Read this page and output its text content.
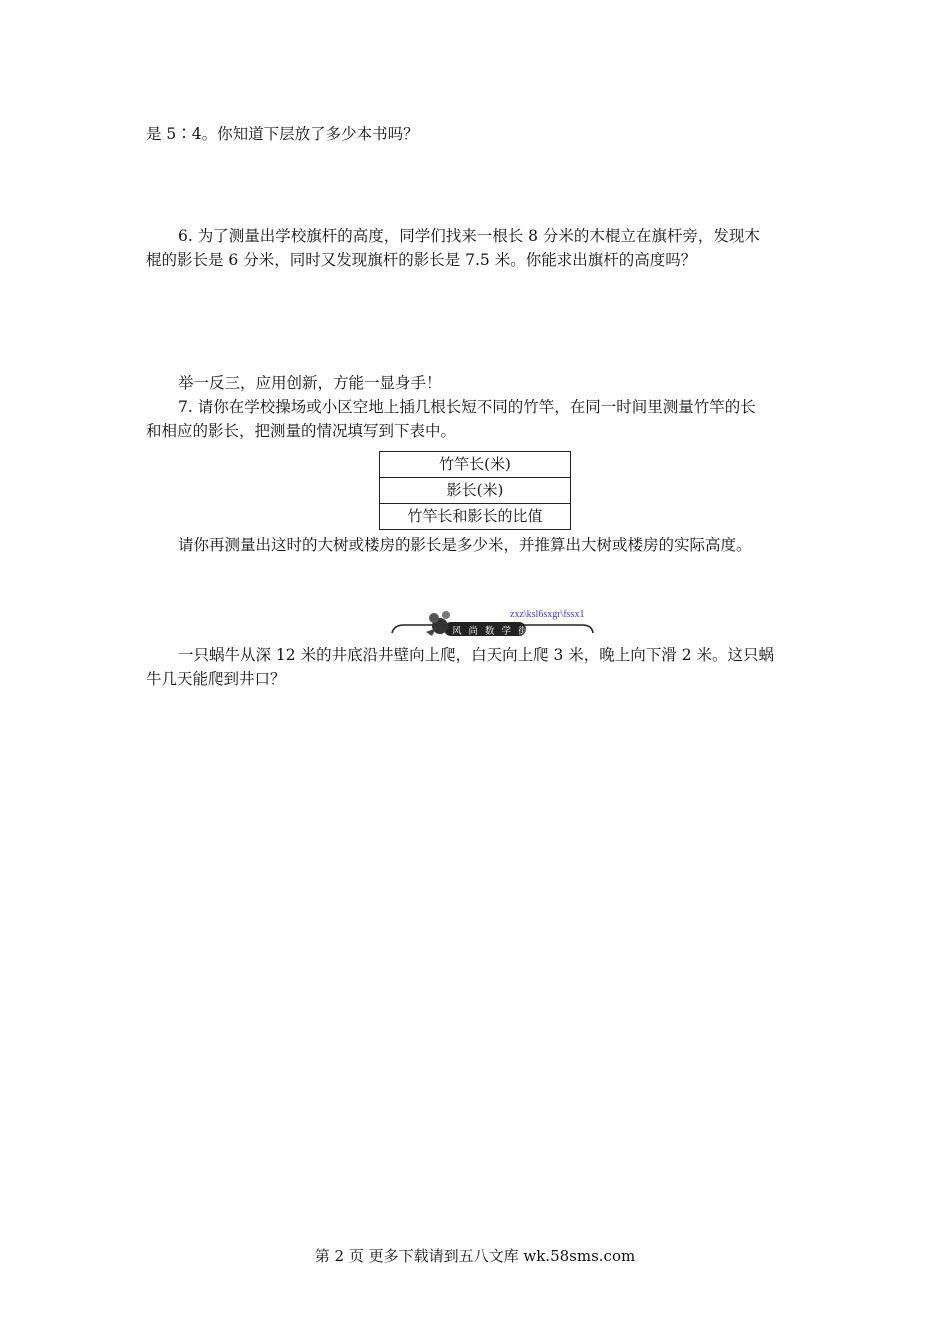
是 5∶4。你知道下层放了多少本书吗？
6. 为了测量出学校旗杆的高度，同学们找来一根长 8 分米的木棍立在旗杆旁，发现木
棍的影长是 6 分米，同时又发现旗杆的影长是 7.5 米。你能求出旗杆的高度吗？
举一反三，应用创新，方能一显身手！
7. 请你在学校操场或小区空地上插几根长短不同的竹竿，在同一时间里测量竹竿的长
和相应的影长，把测量的情况填写到下表中。
竹竿长(米)
影长(米)
竹竿长和影长的比值
请你再测量出这时的大树或楼房的影长是多少米，并推算出大树或楼房的实际高度。
zxz\ksl6sxgr\fssx1
风 尚 数 学 街 区
一只蜗牛从深 12 米的井底沿井壁向上爬，白天向上爬 3 米，晚上向下滑 2 米。这只蜗
牛几天能爬到井口？
第 2 页 更多下载请到五八文库 wk.58sms.com
